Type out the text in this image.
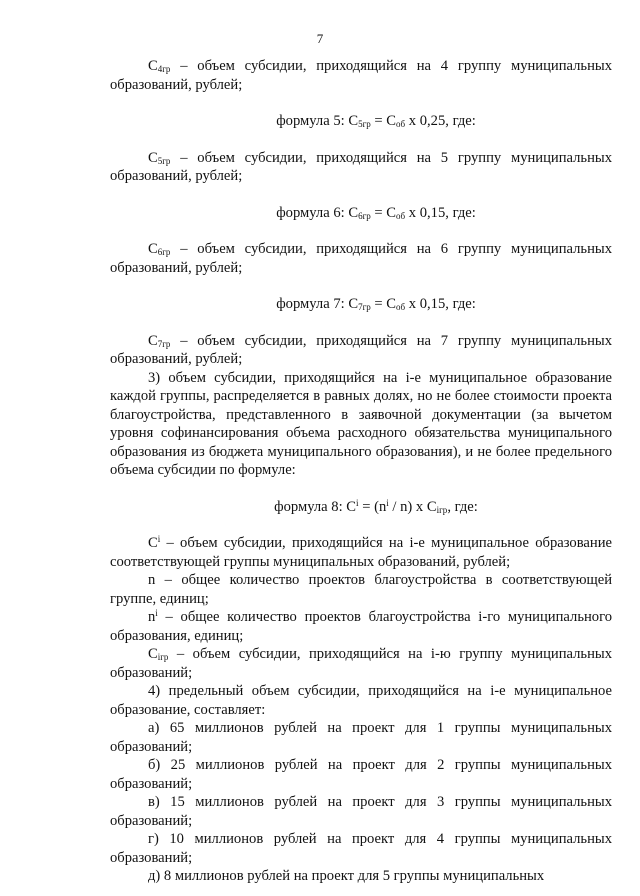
7

$C_{4гр}$ – объем субсидии, приходящийся на 4 группу муниципальных образований, рублей;

формула 5: $C_{5гр} = C_{об}$ x 0,25, где:

$C_{5гр}$ – объем субсидии, приходящийся на 5 группу муниципальных образований, рублей;

формула 6: $C_{6гр} = C_{об}$ x 0,15, где:

$C_{6гр}$ – объем субсидии, приходящийся на 6 группу муниципальных образований, рублей;

формула 7: $C_{7гр} = C_{об}$ x 0,15, где:

$C_{7гр}$ – объем субсидии, приходящийся на 7 группу муниципальных образований, рублей;

3) объем субсидии, приходящийся на i-е муниципальное образование каждой группы, распределяется в равных долях, но не более стоимости проекта благоустройства, представленного в заявочной документации (за вычетом уровня софинансирования объема расходного обязательства муниципального образования из бюджета муниципального образования), и не более предельного объема субсидии по формуле:

формула 8: $C^i = (n^i / n)$ x $C_{iгр}$, где:

$C^i$ – объем субсидии, приходящийся на i-е муниципальное образование соответствующей группы муниципальных образований, рублей;

n – общее количество проектов благоустройства в соответствующей группе, единиц;

$n^i$ – общее количество проектов благоустройства i-го муниципального образования, единиц;

$C_{iгр}$ – объем субсидии, приходящийся на i-ю группу муниципальных образований;

4) предельный объем субсидии, приходящийся на i-е муниципальное образование, составляет:

а) 65 миллионов рублей на проект для 1 группы муниципальных образований;

б) 25 миллионов рублей на проект для 2 группы муниципальных образований;

в) 15 миллионов рублей на проект для 3 группы муниципальных образований;

г) 10 миллионов рублей на проект для 4 группы муниципальных образований;

д) 8 миллионов рублей на проект для 5 группы муниципальных
